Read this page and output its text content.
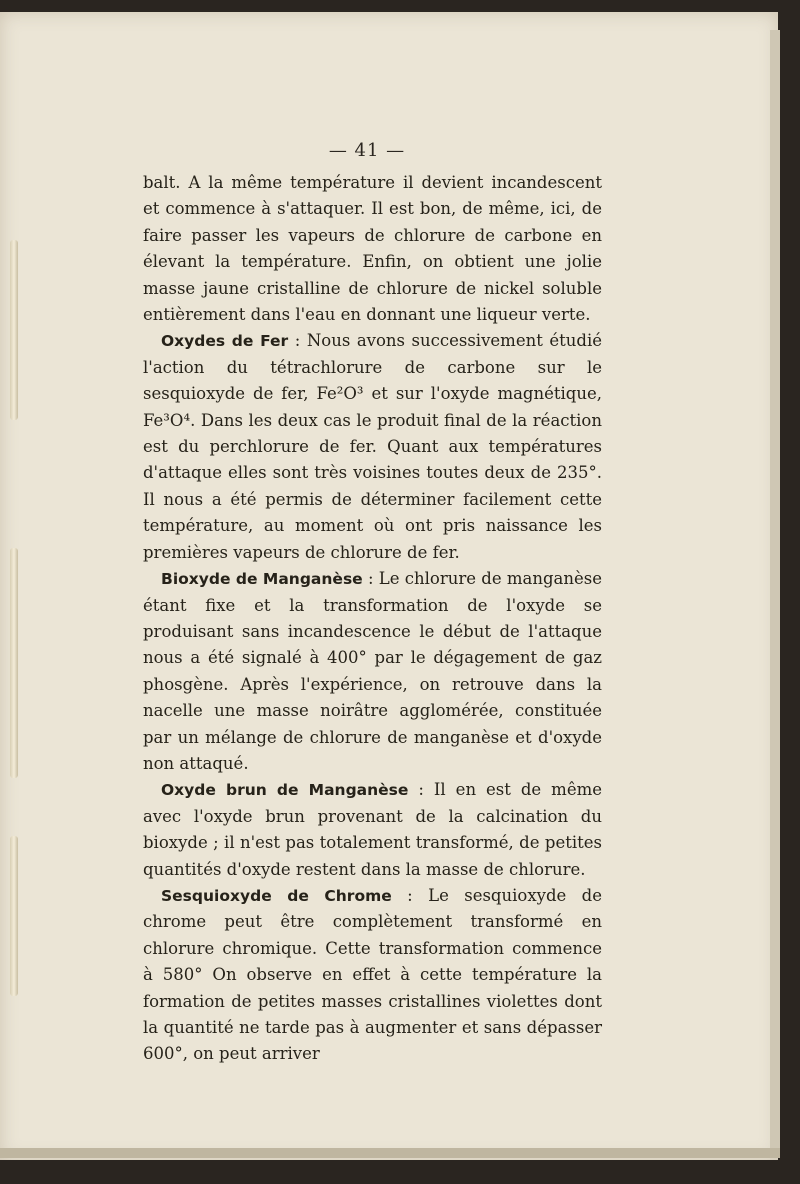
— 41 —

balt. A la même température il devient incandescent et commence à s'attaquer. Il est bon, de même, ici, de faire passer les vapeurs de chlorure de carbone en élevant la température. Enfin, on obtient une jolie masse jaune cristalline de chlorure de nickel soluble entièrement dans l'eau en donnant une liqueur verte.

Oxydes de Fer : Nous avons successivement étudié l'action du tétrachlorure de carbone sur le sesquioxyde de fer, Fe²O³ et sur l'oxyde magnétique, Fe³O⁴. Dans les deux cas le produit final de la réaction est du perchlorure de fer. Quant aux températures d'attaque elles sont très voisines toutes deux de 235°. Il nous a été permis de déterminer facilement cette température, au moment où ont pris naissance les premières vapeurs de chlorure de fer.

Bioxyde de Manganèse : Le chlorure de manganèse étant fixe et la transformation de l'oxyde se produisant sans incandescence le début de l'attaque nous a été signalé à 400° par le dégagement de gaz phosgène. Après l'expérience, on retrouve dans la nacelle une masse noirâtre agglomérée, constituée par un mélange de chlorure de manganèse et d'oxyde non attaqué.

Oxyde brun de Manganèse : Il en est de même avec l'oxyde brun provenant de la calcination du bioxyde ; il n'est pas totalement transformé, de petites quantités d'oxyde restent dans la masse de chlorure.

Sesquioxyde de Chrome : Le sesquioxyde de chrome peut être complètement transformé en chlorure chromique. Cette transformation commence à 580° On observe en effet à cette température la formation de petites masses cristallines violettes dont la quantité ne tarde pas à augmenter et sans dépasser 600°, on peut arriver
